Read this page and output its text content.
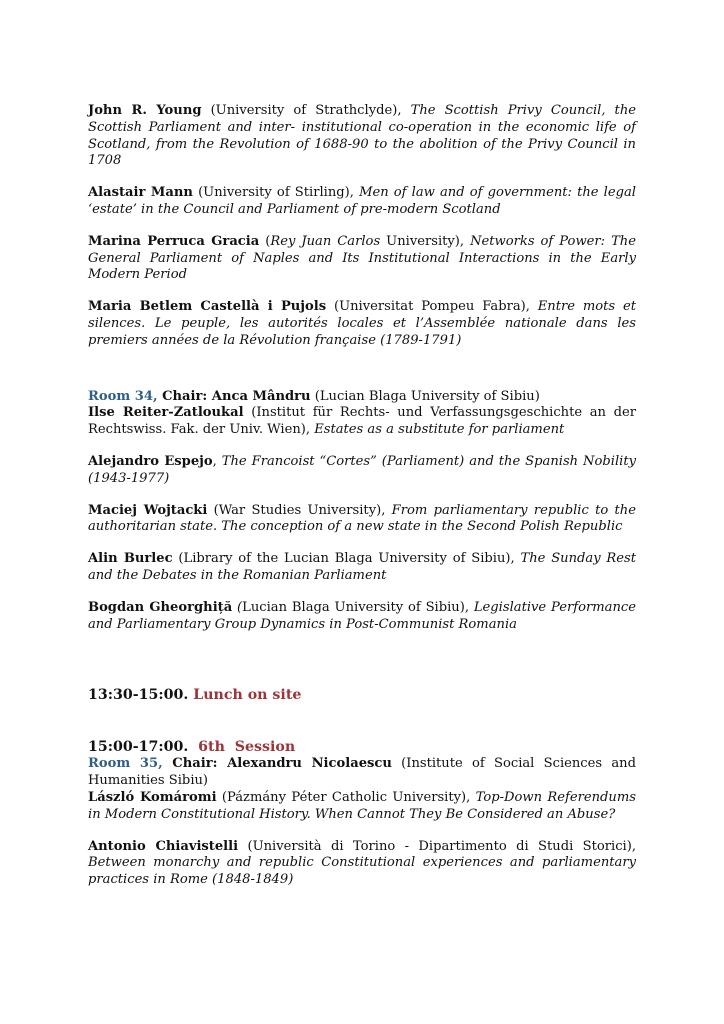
John R. Young (University of Strathclyde), The Scottish Privy Council, the Scottish Parliament and inter- institutional co-operation in the economic life of Scotland, from the Revolution of 1688-90 to the abolition of the Privy Council in 1708

Alastair Mann (University of Stirling), Men of law and of government: the legal ‘estate’ in the Council and Parliament of pre-modern Scotland

Marina Perruca Gracia (Rey Juan Carlos University), Networks of Power: The General Parliament of Naples and Its Institutional Interactions in the Early Modern Period

Maria Betlem Castellà i Pujols (Universitat Pompeu Fabra), Entre mots et silences. Le peuple, les autorités locales et l’Assemblée nationale dans les premiers années de la Révolution française (1789-1791)

Room 34, Chair: Anca Mândru (Lucian Blaga University of Sibiu)

Ilse Reiter-Zatloukal (Institut für Rechts- und Verfassungsgeschichte an der Rechtswiss. Fak. der Univ. Wien), Estates as a substitute for parliament

Alejandro Espejo, The Francoist “Cortes” (Parliament) and the Spanish Nobility (1943-1977)

Maciej Wojtacki (War Studies University), From parliamentary republic to the authoritarian state. The conception of a new state in the Second Polish Republic

Alin Burlec (Library of the Lucian Blaga University of Sibiu), The Sunday Rest and the Debates in the Romanian Parliament

Bogdan Gheorghiță (Lucian Blaga University of Sibiu), Legislative Performance and Parliamentary Group Dynamics in Post-Communist Romania

13:30-15:00. Lunch on site

15:00-17:00.  6th  Session

Room 35, Chair: Alexandru Nicolaescu (Institute of Social Sciences and Humanities Sibiu)

László Komáromi (Pázmány Péter Catholic University), Top-Down Referendums in Modern Constitutional History. When Cannot They Be Considered an Abuse?

Antonio Chiavistelli (Università di Torino - Dipartimento di Studi Storici), Between monarchy and republic Constitutional experiences and parliamentary practices in Rome (1848-1849)
